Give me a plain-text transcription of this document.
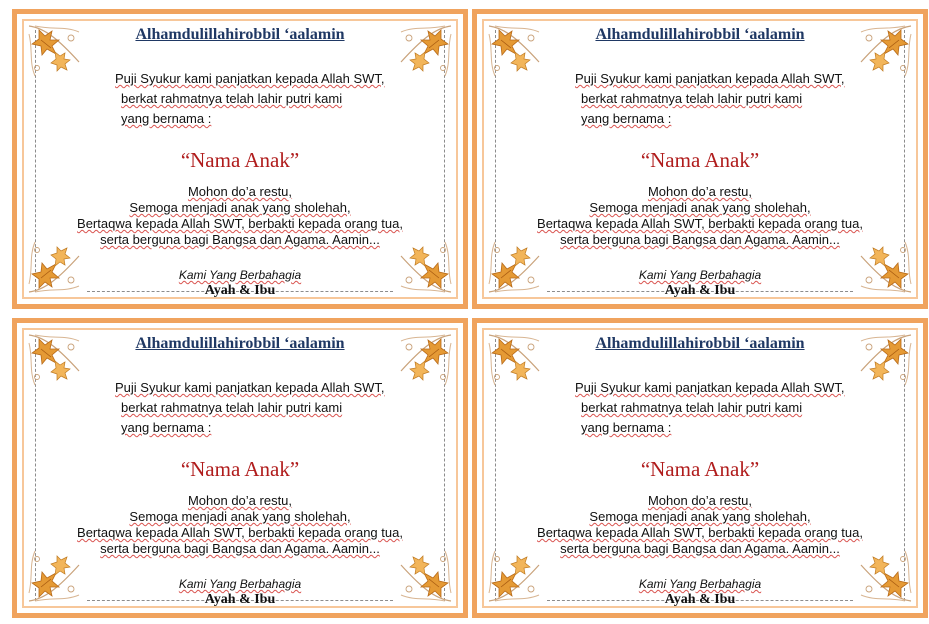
Alhamdulillahirobbil ‘aalamin
Puji Syukur kami panjatkan kepada Allah SWT,
berkat rahmatnya telah lahir putri kami
yang bernama :
“Nama Anak”
Mohon do’a restu,
Semoga menjadi anak yang sholehah,
Bertaqwa kepada Allah SWT, berbakti kepada orang tua,
serta berguna bagi Bangsa dan Agama. Aamin...
Kami Yang Berbahagia
Ayah & Ibu
Alhamdulillahirobbil ‘aalamin
Puji Syukur kami panjatkan kepada Allah SWT,
berkat rahmatnya telah lahir putri kami
yang bernama :
“Nama Anak”
Mohon do’a restu,
Semoga menjadi anak yang sholehah,
Bertaqwa kepada Allah SWT, berbakti kepada orang tua,
serta berguna bagi Bangsa dan Agama. Aamin...
Kami Yang Berbahagia
Ayah & Ibu
Alhamdulillahirobbil ‘aalamin
Puji Syukur kami panjatkan kepada Allah SWT,
berkat rahmatnya telah lahir putri kami
yang bernama :
“Nama Anak”
Mohon do’a restu,
Semoga menjadi anak yang sholehah,
Bertaqwa kepada Allah SWT, berbakti kepada orang tua,
serta berguna bagi Bangsa dan Agama. Aamin...
Kami Yang Berbahagia
Ayah & Ibu
Alhamdulillahirobbil ‘aalamin
Puji Syukur kami panjatkan kepada Allah SWT,
berkat rahmatnya telah lahir putri kami
yang bernama :
“Nama Anak”
Mohon do’a restu,
Semoga menjadi anak yang sholehah,
Bertaqwa kepada Allah SWT, berbakti kepada orang tua,
serta berguna bagi Bangsa dan Agama. Aamin...
Kami Yang Berbahagia
Ayah & Ibu
